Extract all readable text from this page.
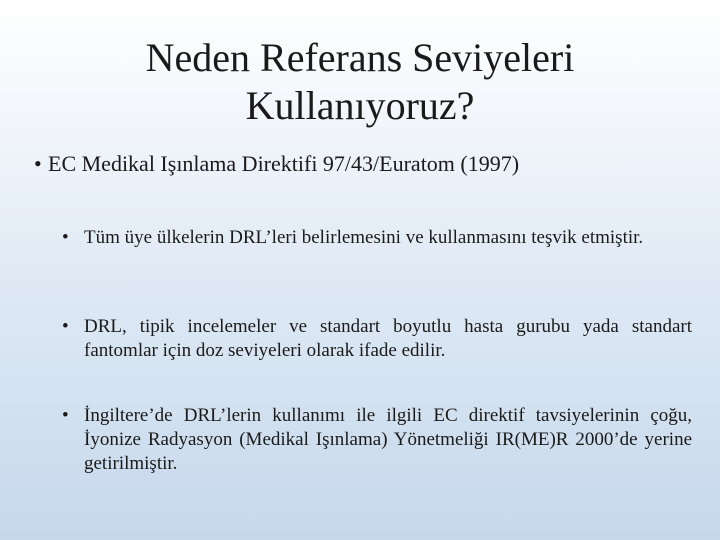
Neden Referans Seviyeleri
Kullanıyoruz?
• EC Medikal Işınlama Direktifi 97/43/Euratom (1997)
• Tüm üye ülkelerin DRL’leri belirlemesini ve kullanmasını teşvik etmiştir.
• DRL, tipik incelemeler ve standart boyutlu hasta gurubu yada standart fantomlar için doz seviyeleri olarak ifade edilir.
• İngiltere’de DRL’lerin kullanımı ile ilgili EC direktif tavsiyelerinin çoğu, İyonize Radyasyon (Medikal Işınlama) Yönetmeliği IR(ME)R 2000’de yerine getirilmiştir.
